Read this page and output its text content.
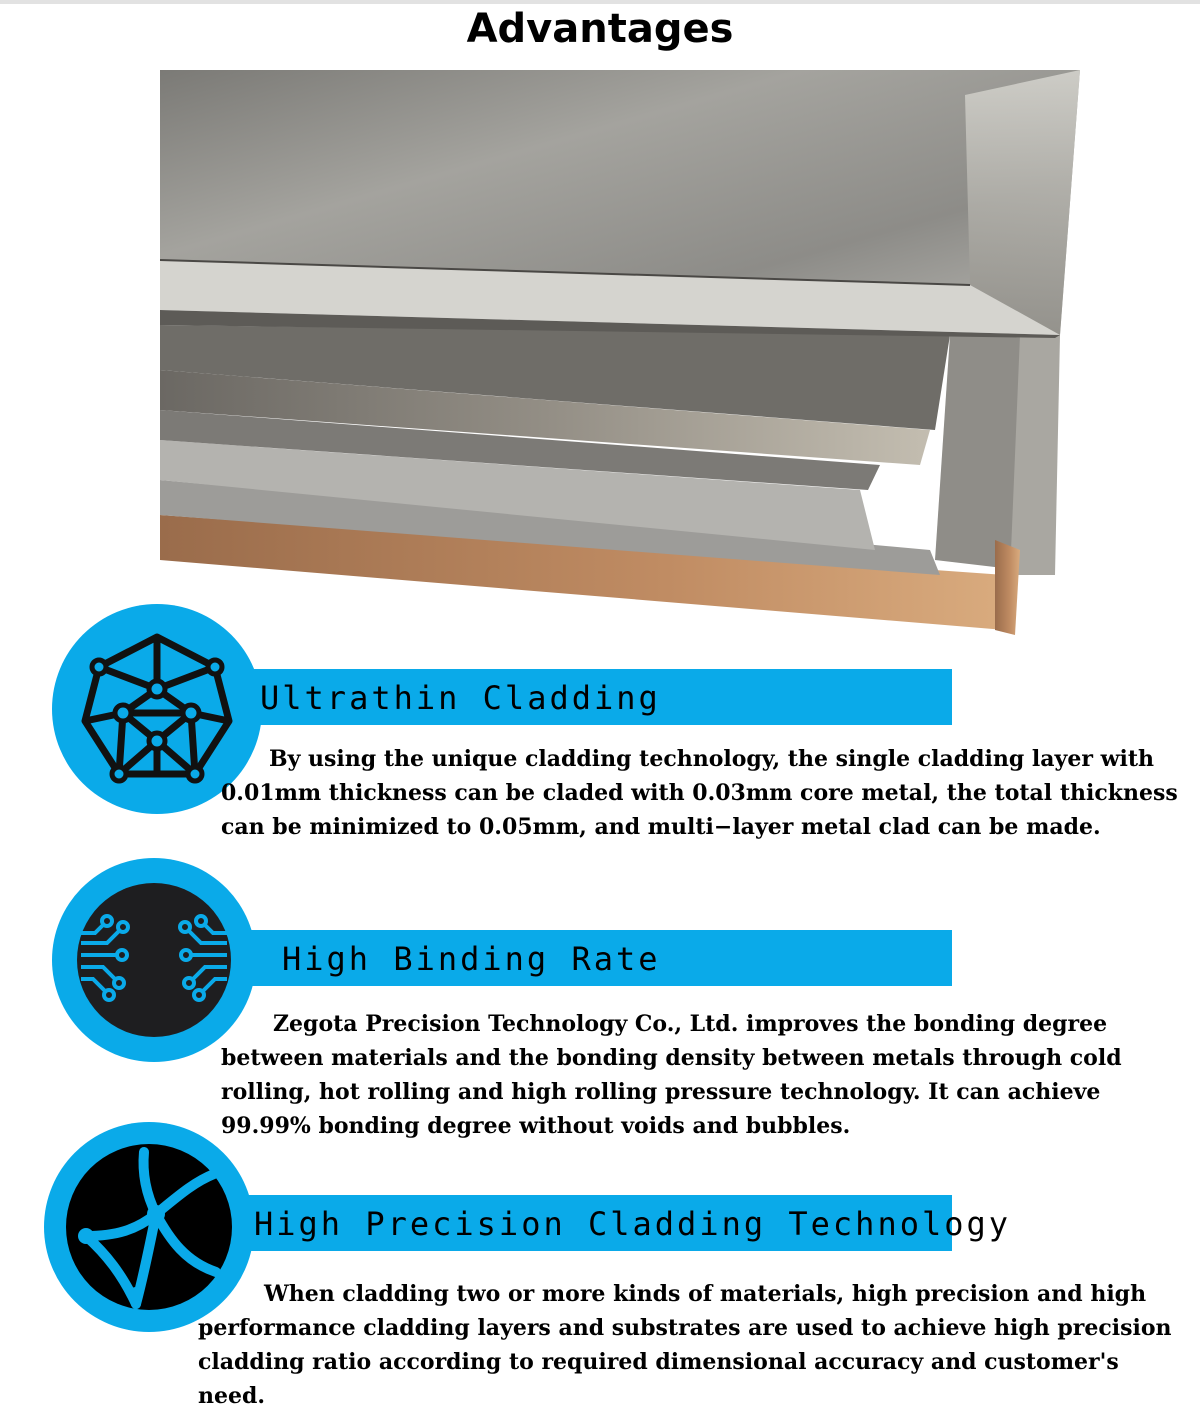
Advantages
Ultrathin Cladding

By using the unique cladding technology, the single cladding layer with 0.01mm thickness can be claded with 0.03mm core metal, the total thickness can be minimized to 0.05mm, and multi−layer metal clad can be made.

High Binding Rate

Zegota Precision Technology Co., Ltd. improves the bonding degree between materials and the bonding density between metals through cold rolling, hot rolling and high rolling pressure technology. It can achieve 99.99% bonding degree without voids and bubbles.

High Precision Cladding Technology

When cladding two or more kinds of materials, high precision and high performance cladding layers and substrates are used to achieve high precision cladding ratio according to required dimensional accuracy and customer's need.
